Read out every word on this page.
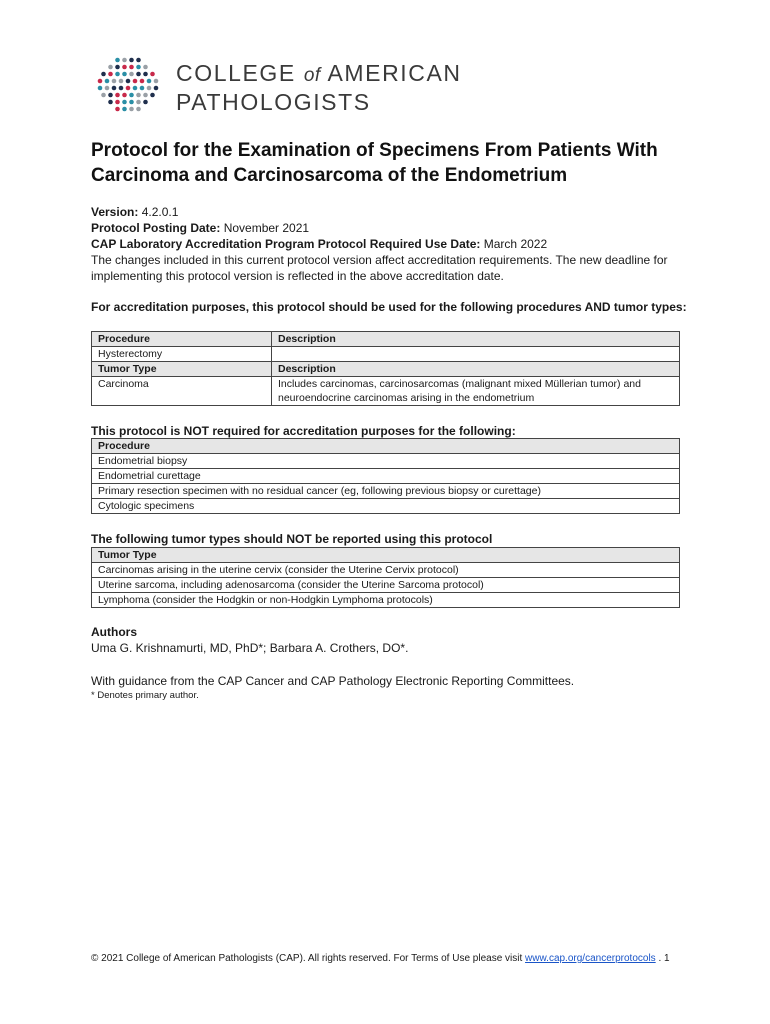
COLLEGE of AMERICAN
PATHOLOGISTS
Protocol for the Examination of Specimens From Patients With Carcinoma and Carcinosarcoma of the Endometrium

Version: 4.2.0.1

Protocol Posting Date: November 2021

CAP Laboratory Accreditation Program Protocol Required Use Date: March 2022

The changes included in this current protocol version affect accreditation requirements. The new deadline for implementing this protocol version is reflected in the above accreditation date.

For accreditation purposes, this protocol should be used for the following procedures AND tumor types:

Procedure	Description
Hysterectomy	
Tumor Type	Description
Carcinoma	Includes carcinomas, carcinosarcomas (malignant mixed Müllerian tumor) and neuroendocrine carcinomas arising in the endometrium

This protocol is NOT required for accreditation purposes for the following:

Procedure
Endometrial biopsy
Endometrial curettage
Primary resection specimen with no residual cancer (eg, following previous biopsy or curettage)
Cytologic specimens

The following tumor types should NOT be reported using this protocol

Tumor Type
Carcinomas arising in the uterine cervix (consider the Uterine Cervix protocol)
Uterine sarcoma, including adenosarcoma (consider the Uterine Sarcoma protocol)
Lymphoma (consider the Hodgkin or non-Hodgkin Lymphoma protocols)
Authors
Uma G. Krishnamurti, MD, PhD*; Barbara A. Crothers, DO*.
With guidance from the CAP Cancer and CAP Pathology Electronic Reporting Committees.
* Denotes primary author.
© 2021 College of American Pathologists (CAP). All rights reserved. For Terms of Use please visit www.cap.org/cancerprotocols . 1
